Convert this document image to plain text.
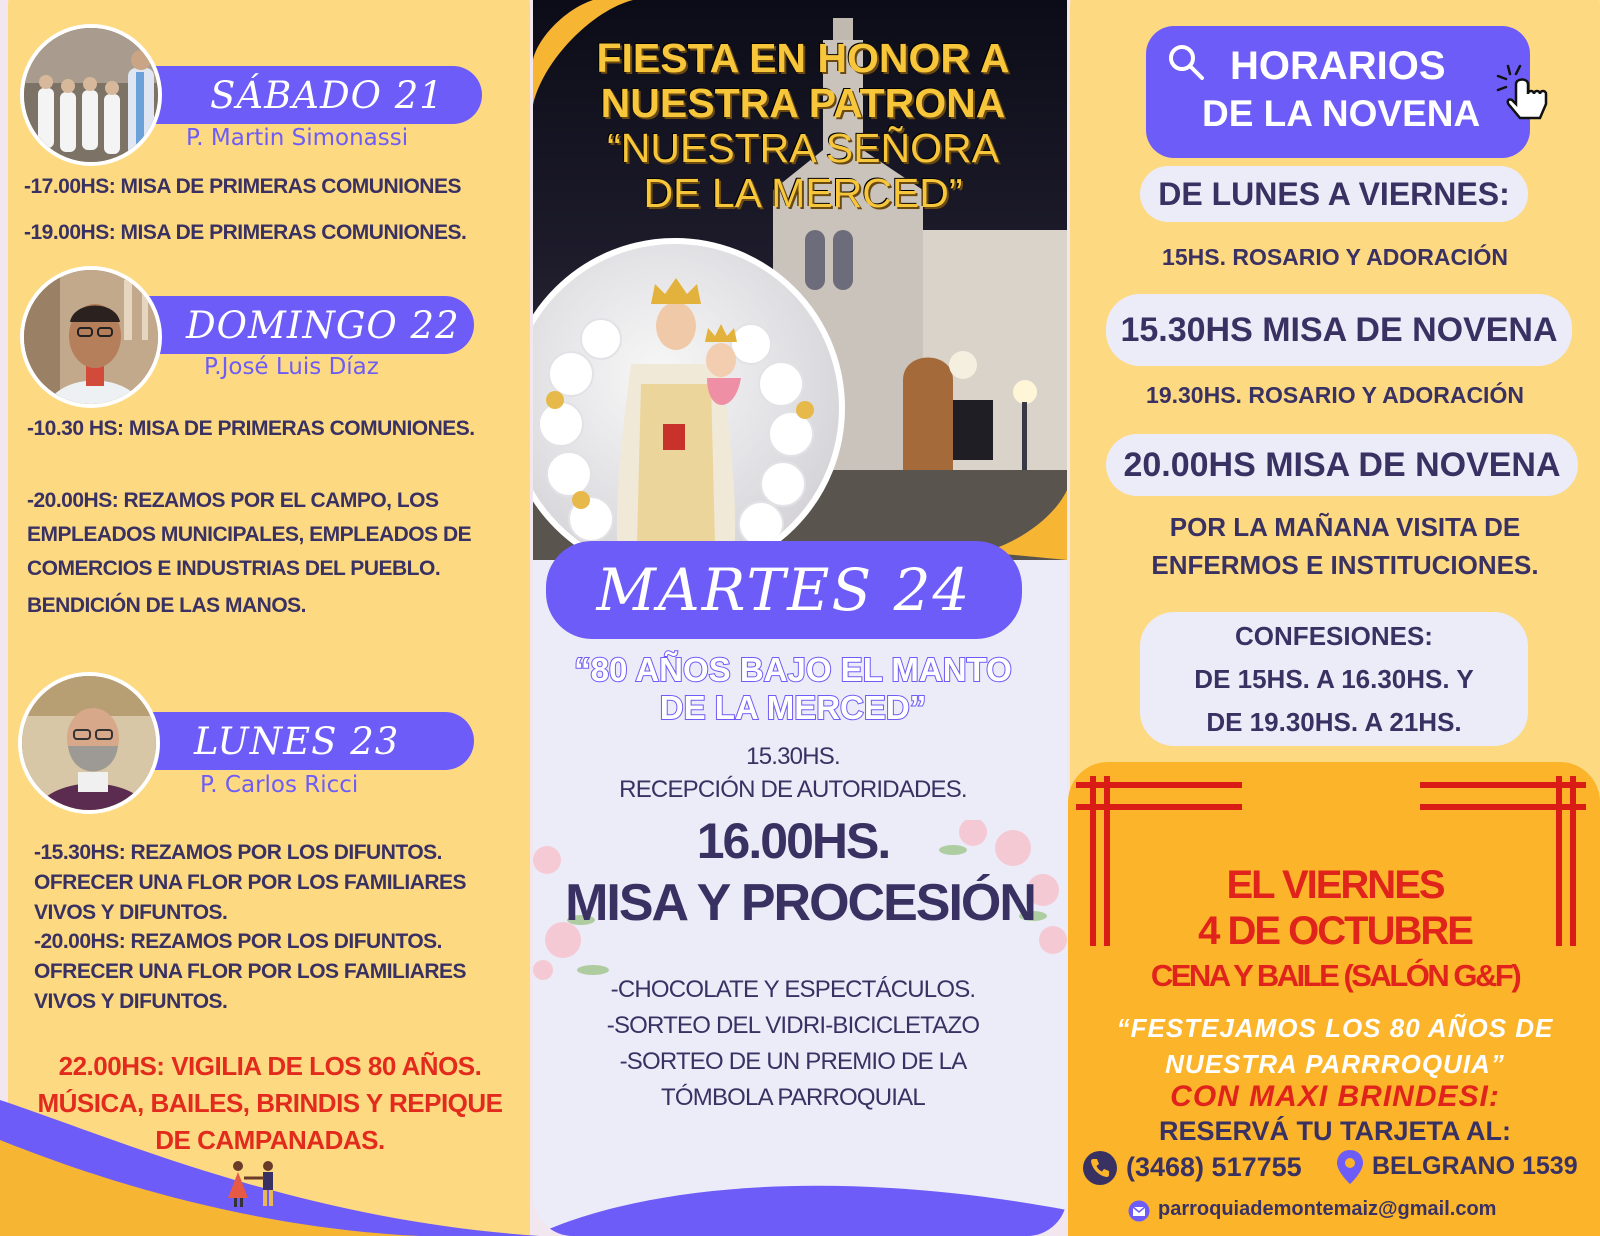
SÁBADO 21
P. Martin Simonassi
-17.00HS: MISA DE PRIMERAS COMUNIONES
-19.00HS: MISA DE PRIMERAS COMUNIONES.
DOMINGO 22
P.José Luis Díaz
-10.30 HS: MISA DE PRIMERAS COMUNIONES.
-20.00HS: REZAMOS POR EL CAMPO, LOS EMPLEADOS MUNICIPALES, EMPLEADOS DE COMERCIOS E INDUSTRIAS DEL PUEBLO.
BENDICIÓN DE LAS MANOS.
LUNES 23
P. Carlos Ricci
-15.30HS: REZAMOS POR LOS DIFUNTOS. OFRECER UNA FLOR POR LOS FAMILIARES VIVOS Y DIFUNTOS.
-20.00HS: REZAMOS POR LOS DIFUNTOS. OFRECER UNA FLOR POR LOS FAMILIARES VIVOS Y DIFUNTOS.
22.00HS: VIGILIA DE LOS 80 AÑOS. MÚSICA, BAILES, BRINDIS Y REPIQUE DE CAMPANADAS.
FIESTA EN HONOR A
NUESTRA PATRONA
“NUESTRA SEÑORA
DE LA MERCED”
MARTES 24
“80 AÑOS BAJO EL MANTO
DE LA MERCED”
15.30HS.
RECEPCIÓN DE AUTORIDADES.
16.00HS.
MISA Y PROCESIÓN
-CHOCOLATE Y ESPECTÁCULOS.
-SORTEO DEL VIDRI-BICICLETAZO
-SORTEO DE UN PREMIO DE LA
TÓMBOLA PARROQUIAL
HORARIOS
DE LA NOVENA
DE LUNES A VIERNES:
15HS. ROSARIO Y ADORACIÓN
15.30HS MISA DE NOVENA
19.30HS. ROSARIO Y ADORACIÓN
20.00HS MISA DE NOVENA
POR LA MAÑANA VISITA DE ENFERMOS E INSTITUCIONES.
CONFESIONES:
DE 15HS. A 16.30HS. Y
DE 19.30HS. A 21HS.
EL VIERNES
4 DE OCTUBRE
CENA Y BAILE (SALÓN G&F)
“FESTEJAMOS LOS 80 AÑOS DE NUESTRA PARRROQUIA”
CON MAXI BRINDESI:
RESERVÁ TU TARJETA AL:
(3468) 517755	BELGRANO 1539
parroquiademontemaiz@gmail.com
